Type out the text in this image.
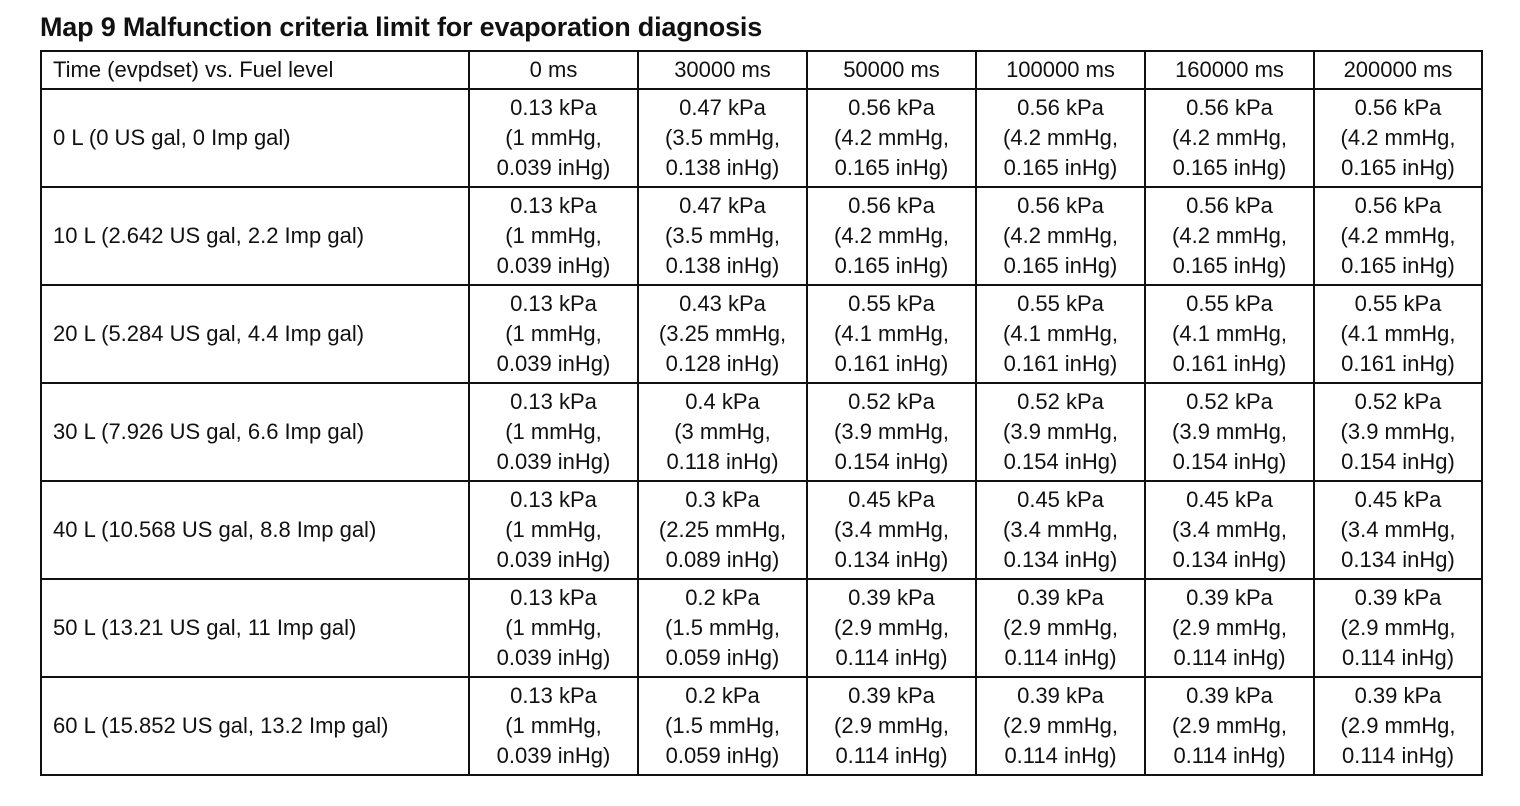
Map 9 Malfunction criteria limit for evaporation diagnosis
Time (evpdset) vs. Fuel level	0 ms	30000 ms	50000 ms	100000 ms	160000 ms	200000 ms
0 L (0 US gal, 0 Imp gal)	0.13 kPa
(1 mmHg,
0.039 inHg)	0.47 kPa
(3.5 mmHg,
0.138 inHg)	0.56 kPa
(4.2 mmHg,
0.165 inHg)	0.56 kPa
(4.2 mmHg,
0.165 inHg)	0.56 kPa
(4.2 mmHg,
0.165 inHg)	0.56 kPa
(4.2 mmHg,
0.165 inHg)

10 L (2.642 US gal, 2.2 Imp gal)	0.13 kPa
(1 mmHg,
0.039 inHg)	0.47 kPa
(3.5 mmHg,
0.138 inHg)	0.56 kPa
(4.2 mmHg,
0.165 inHg)	0.56 kPa
(4.2 mmHg,
0.165 inHg)	0.56 kPa
(4.2 mmHg,
0.165 inHg)	0.56 kPa
(4.2 mmHg,
0.165 inHg)

20 L (5.284 US gal, 4.4 Imp gal)	0.13 kPa
(1 mmHg,
0.039 inHg)	0.43 kPa
(3.25 mmHg,
0.128 inHg)	0.55 kPa
(4.1 mmHg,
0.161 inHg)	0.55 kPa
(4.1 mmHg,
0.161 inHg)	0.55 kPa
(4.1 mmHg,
0.161 inHg)	0.55 kPa
(4.1 mmHg,
0.161 inHg)

30 L (7.926 US gal, 6.6 Imp gal)	0.13 kPa
(1 mmHg,
0.039 inHg)	0.4 kPa
(3 mmHg,
0.118 inHg)	0.52 kPa
(3.9 mmHg,
0.154 inHg)	0.52 kPa
(3.9 mmHg,
0.154 inHg)	0.52 kPa
(3.9 mmHg,
0.154 inHg)	0.52 kPa
(3.9 mmHg,
0.154 inHg)

40 L (10.568 US gal, 8.8 Imp gal)	0.13 kPa
(1 mmHg,
0.039 inHg)	0.3 kPa
(2.25 mmHg,
0.089 inHg)	0.45 kPa
(3.4 mmHg,
0.134 inHg)	0.45 kPa
(3.4 mmHg,
0.134 inHg)	0.45 kPa
(3.4 mmHg,
0.134 inHg)	0.45 kPa
(3.4 mmHg,
0.134 inHg)

50 L (13.21 US gal, 11 Imp gal)	0.13 kPa
(1 mmHg,
0.039 inHg)	0.2 kPa
(1.5 mmHg,
0.059 inHg)	0.39 kPa
(2.9 mmHg,
0.114 inHg)	0.39 kPa
(2.9 mmHg,
0.114 inHg)	0.39 kPa
(2.9 mmHg,
0.114 inHg)	0.39 kPa
(2.9 mmHg,
0.114 inHg)

60 L (15.852 US gal, 13.2 Imp gal)	0.13 kPa
(1 mmHg,
0.039 inHg)	0.2 kPa
(1.5 mmHg,
0.059 inHg)	0.39 kPa
(2.9 mmHg,
0.114 inHg)	0.39 kPa
(2.9 mmHg,
0.114 inHg)	0.39 kPa
(2.9 mmHg,
0.114 inHg)	0.39 kPa
(2.9 mmHg,
0.114 inHg)
